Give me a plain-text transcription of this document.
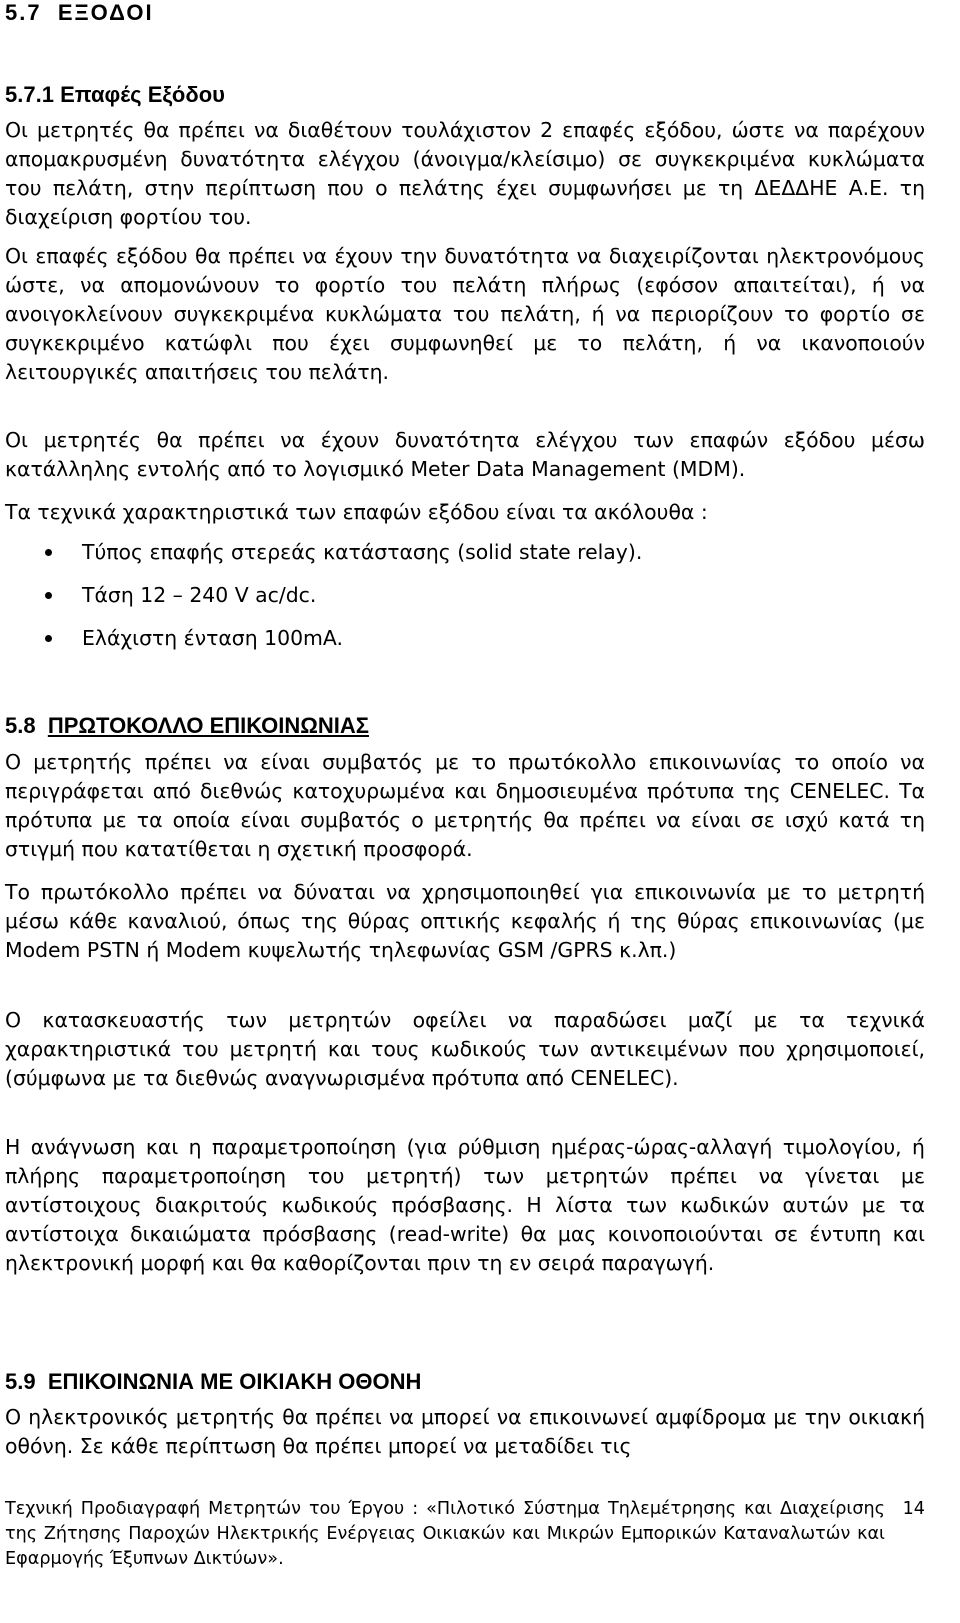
5.7 ΕΞΟΔΟΙ
5.7.1 Επαφές Εξόδου

Οι μετρητές θα πρέπει να διαθέτουν τουλάχιστον 2 επαφές εξόδου, ώστε να παρέχουν απομακρυσμένη δυνατότητα ελέγχου (άνοιγμα/κλείσιμο) σε συγκεκριμένα κυκλώματα του πελάτη, στην περίπτωση που ο πελάτης έχει συμφωνήσει με τη ΔΕΔΔΗΕ Α.Ε. τη διαχείριση φορτίου του.

Οι επαφές εξόδου θα πρέπει να έχουν την δυνατότητα να διαχειρίζονται ηλεκτρονόμους ώστε, να απομονώνουν το φορτίο του πελάτη πλήρως (εφόσον απαιτείται), ή να ανοιγοκλείνουν συγκεκριμένα κυκλώματα του πελάτη, ή να περιορίζουν το φορτίο σε συγκεκριμένο κατώφλι που έχει συμφωνηθεί με το πελάτη, ή να ικανοποιούν λειτουργικές απαιτήσεις του πελάτη.

Οι μετρητές θα πρέπει να έχουν δυνατότητα ελέγχου των επαφών εξόδου μέσω κατάλληλης εντολής από το λογισμικό Meter Data Management (MDM).

Τα τεχνικά χαρακτηριστικά των επαφών εξόδου είναι τα ακόλουθα :

Τύπος επαφής στερεάς κατάστασης (solid state relay).
Τάση 12 – 240 V ac/dc.
Ελάχιστη ένταση 100mA.
5.8 ΠΡΩΤΟΚΟΛΛΟ ΕΠΙΚΟΙΝΩΝΙΑΣ

Ο μετρητής πρέπει να είναι συμβατός με το πρωτόκολλο επικοινωνίας το οποίο να περιγράφεται από διεθνώς κατοχυρωμένα και δημοσιευμένα πρότυπα της CENELEC. Τα πρότυπα με τα οποία είναι συμβατός ο μετρητής θα πρέπει να είναι σε ισχύ κατά τη στιγμή που κατατίθεται η σχετική προσφορά.

Το πρωτόκολλο πρέπει να δύναται να χρησιμοποιηθεί για επικοινωνία με το μετρητή μέσω κάθε καναλιού, όπως της θύρας οπτικής κεφαλής ή της θύρας επικοινωνίας (με Modem PSTN ή Modem κυψελωτής τηλεφωνίας GSM /GPRS κ.λπ.)

Ο κατασκευαστής των μετρητών οφείλει να παραδώσει μαζί με τα τεχνικά χαρακτηριστικά του μετρητή και τους κωδικούς των αντικειμένων που χρησιμοποιεί, (σύμφωνα με τα διεθνώς αναγνωρισμένα πρότυπα από CENELEC).

Η ανάγνωση και η παραμετροποίηση (για ρύθμιση ημέρας-ώρας-αλλαγή τιμολογίου, ή πλήρης παραμετροποίηση του μετρητή) των μετρητών πρέπει να γίνεται με αντίστοιχους διακριτούς κωδικούς πρόσβασης. Η λίστα των κωδικών αυτών με τα αντίστοιχα δικαιώματα πρόσβασης (read-write) θα μας κοινοποιούνται σε έντυπη και ηλεκτρονική μορφή και θα καθορίζονται πριν τη εν σειρά παραγωγή.

5.9 ΕΠΙΚΟΙΝΩΝΙΑ ΜΕ ΟΙΚΙΑΚΗ ΟΘΟΝΗ

Ο ηλεκτρονικός μετρητής θα πρέπει να μπορεί να επικοινωνεί αμφίδρομα με την οικιακή οθόνη. Σε κάθε περίπτωση θα πρέπει μπορεί να μεταδίδει τις

Τεχνική Προδιαγραφή Μετρητών του Έργου : «Πιλοτικό Σύστημα Τηλεμέτρησης και Διαχείρισης της Ζήτησης Παροχών Ηλεκτρικής Ενέργειας Οικιακών και Μικρών Εμπορικών Καταναλωτών και Εφαρμογής Έξυπνων Δικτύων».
14
